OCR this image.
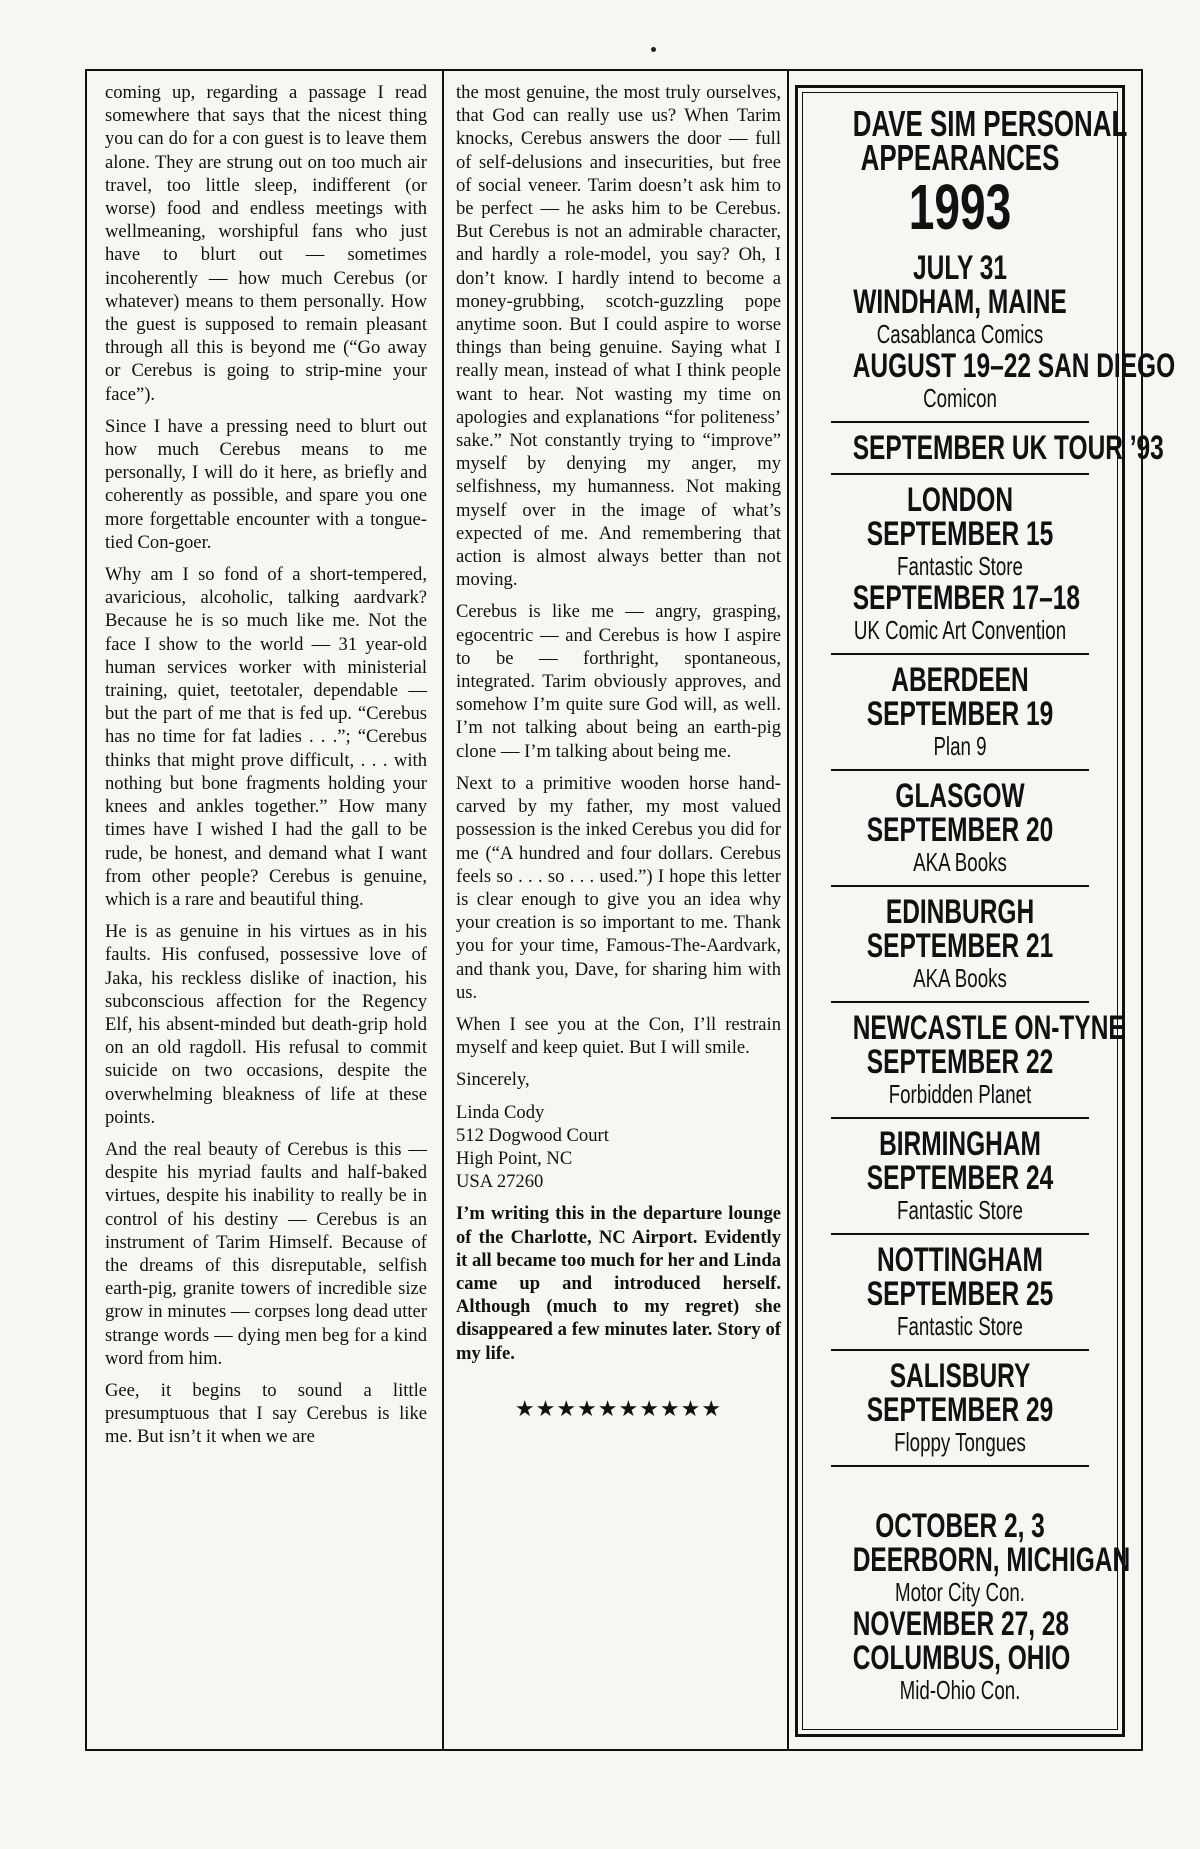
coming up, regarding a passage I read somewhere that says that the nicest thing you can do for a con guest is to leave them alone. They are strung out on too much air travel, too little sleep, indifferent (or worse) food and endless meetings with wellmeaning, worshipful fans who just have to blurt out — sometimes incoherently — how much Cerebus (or whatever) means to them personally. How the guest is supposed to remain pleasant through all this is beyond me (“Go away or Cerebus is going to strip-mine your face”).

Since I have a pressing need to blurt out how much Cerebus means to me personally, I will do it here, as briefly and coherently as possible, and spare you one more forgettable encounter with a tongue-tied Con-goer.

Why am I so fond of a short-tempered, avaricious, alcoholic, talking aardvark? Because he is so much like me. Not the face I show to the world — 31 year-old human services worker with ministerial training, quiet, teetotaler, dependable — but the part of me that is fed up. “Cerebus has no time for fat ladies . . .”; “Cerebus thinks that might prove difficult, . . . with nothing but bone fragments holding your knees and ankles together.” How many times have I wished I had the gall to be rude, be honest, and demand what I want from other people? Cerebus is genuine, which is a rare and beautiful thing.

He is as genuine in his virtues as in his faults. His confused, possessive love of Jaka, his reckless dislike of inaction, his subconscious affection for the Regency Elf, his absent-minded but death-grip hold on an old ragdoll. His refusal to commit suicide on two occasions, despite the overwhelming bleakness of life at these points.

And the real beauty of Cerebus is this — despite his myriad faults and half-baked virtues, despite his inability to really be in control of his destiny — Cerebus is an instrument of Tarim Himself. Because of the dreams of this disreputable, selfish earth-pig, granite towers of incredible size grow in minutes — corpses long dead utter strange words — dying men beg for a kind word from him.

Gee, it begins to sound a little presumptuous that I say Cerebus is like me. But isn’t it when we are

the most genuine, the most truly ourselves, that God can really use us? When Tarim knocks, Cerebus answers the door — full of self-delusions and insecurities, but free of social veneer. Tarim doesn’t ask him to be perfect — he asks him to be Cerebus. But Cerebus is not an admirable character, and hardly a role-model, you say? Oh, I don’t know. I hardly intend to become a money-grubbing, scotch-guzzling pope anytime soon. But I could aspire to worse things than being genuine. Saying what I really mean, instead of what I think people want to hear. Not wasting my time on apologies and explanations “for politeness’ sake.” Not constantly trying to “improve” myself by denying my anger, my selfishness, my humanness. Not making myself over in the image of what’s expected of me. And remembering that action is almost always better than not moving.

Cerebus is like me — angry, grasping, egocentric — and Cerebus is how I aspire to be — forthright, spontaneous, integrated. Tarim obviously approves, and somehow I’m quite sure God will, as well. I’m not talking about being an earth-pig clone — I’m talking about being me.

Next to a primitive wooden horse hand-carved by my father, my most valued possession is the inked Cerebus you did for me (“A hundred and four dollars. Cerebus feels so . . . so . . . used.”) I hope this letter is clear enough to give you an idea why your creation is so important to me. Thank you for your time, Famous-The-Aardvark, and thank you, Dave, for sharing him with us.

When I see you at the Con, I’ll restrain myself and keep quiet. But I will smile.

Sincerely,

Linda Cody
512 Dogwood Court
High Point, NC
USA 27260

I’m writing this in the departure lounge of the Charlotte, NC Airport. Evidently it all became too much for her and Linda came up and introduced herself. Although (much to my regret) she disappeared a few minutes later. Story of my life.

★★★★★★★★★★
DAVE SIM PERSONAL
APPEARANCES
1993
JULY 31
WINDHAM, MAINE
Casablanca Comics
AUGUST 19–22 SAN DIEGO
Comicon
SEPTEMBER UK TOUR ’93
LONDON
SEPTEMBER 15
Fantastic Store
SEPTEMBER 17–18
UK Comic Art Convention
ABERDEEN
SEPTEMBER 19
Plan 9
GLASGOW
SEPTEMBER 20
AKA Books
EDINBURGH
SEPTEMBER 21
AKA Books
NEWCASTLE ON-TYNE
SEPTEMBER 22
Forbidden Planet
BIRMINGHAM
SEPTEMBER 24
Fantastic Store
NOTTINGHAM
SEPTEMBER 25
Fantastic Store
SALISBURY
SEPTEMBER 29
Floppy Tongues
OCTOBER 2, 3
DEERBORN, MICHIGAN
Motor City Con.
NOVEMBER 27, 28
COLUMBUS, OHIO
Mid-Ohio Con.
